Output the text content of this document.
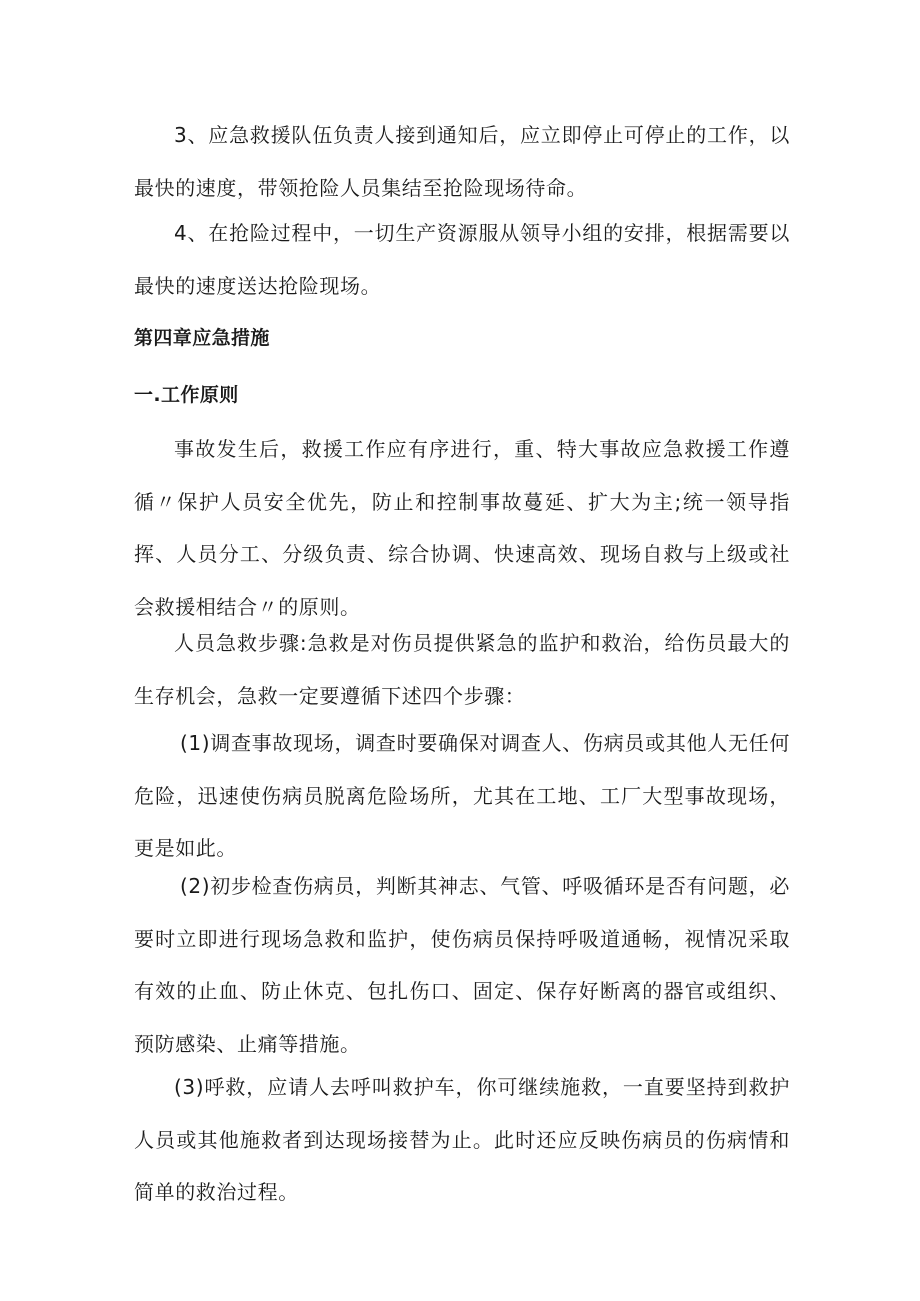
3、应急救援队伍负责人接到通知后，应立即停止可停止的工作，以最快的速度，带领抢险人员集结至抢险现场待命。

4、在抢险过程中，一切生产资源服从领导小组的安排，根据需要以最快的速度送达抢险现场。

第四章应急措施
一.工作原则

事故发生后，救援工作应有序进行，重、特大事故应急救援工作遵循〃保护人员安全优先，防止和控制事故蔓延、扩大为主;统一领导指挥、人员分工、分级负责、综合协调、快速高效、现场自救与上级或社会救援相结合〃的原则。

人员急救步骤:急救是对伤员提供紧急的监护和救治，给伤员最大的生存机会，急救一定要遵循下述四个步骤：

(1)调查事故现场，调查时要确保对调查人、伤病员或其他人无任何危险，迅速使伤病员脱离危险场所，尤其在工地、工厂大型事故现场，更是如此。

(2)初步检查伤病员，判断其神志、气管、呼吸循环是否有问题，必要时立即进行现场急救和监护，使伤病员保持呼吸道通畅，视情况采取有效的止血、防止休克、包扎伤口、固定、保存好断离的器官或组织、预防感染、止痛等措施。

(3)呼救，应请人去呼叫救护车，你可继续施救，一直要坚持到救护人员或其他施救者到达现场接替为止。此时还应反映伤病员的伤病情和简单的救治过程。
